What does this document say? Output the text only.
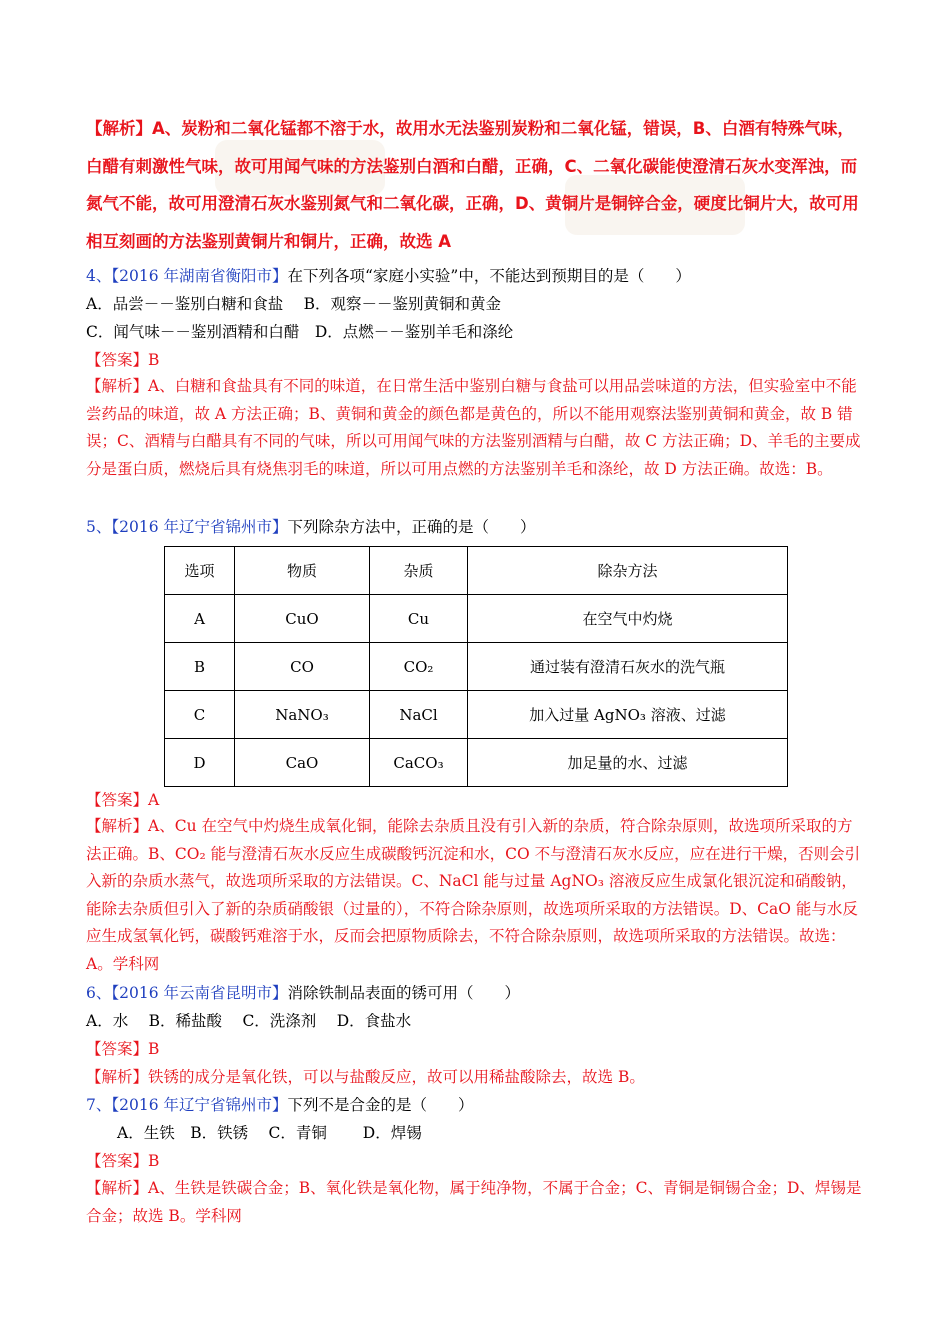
【解析】A、炭粉和二氧化锰都不溶于水，故用水无法鉴别炭粉和二氧化锰，错误，B、白酒有特殊气味，白醋有刺激性气味，故可用闻气味的方法鉴别白酒和白醋，正确，C、二氧化碳能使澄清石灰水变浑浊，而氮气不能，故可用澄清石灰水鉴别氮气和二氧化碳，正确，D、黄铜片是铜锌合金，硬度比铜片大，故可用相互刻画的方法鉴别黄铜片和铜片，正确，故选 A
4、【2016 年湖南省衡阳市】在下列各项“家庭小实验”中，不能达到预期目的是（　　）
A．品尝－－鉴别白糖和食盐　 B．观察－－鉴别黄铜和黄金
C．闻气味－－鉴别酒精和白醋　D．点燃－－鉴别羊毛和涤纶
【答案】B
【解析】A、白糖和食盐具有不同的味道，在日常生活中鉴别白糖与食盐可以用品尝味道的方法，但实验室中不能尝药品的味道，故 A 方法正确；B、黄铜和黄金的颜色都是黄色的，所以不能用观察法鉴别黄铜和黄金，故 B 错误；C、酒精与白醋具有不同的气味，所以可用闻气味的方法鉴别酒精与白醋，故 C 方法正确；D、羊毛的主要成分是蛋白质，燃烧后具有烧焦羽毛的味道，所以可用点燃的方法鉴别羊毛和涤纶，故 D 方法正确。故选：B。
5、【2016 年辽宁省锦州市】下列除杂方法中，正确的是（　　）
选项	物质	杂质	除杂方法
A	CuO	Cu	在空气中灼烧
B	CO	CO₂	通过装有澄清石灰水的洗气瓶
C	NaNO₃	NaCl	加入过量 AgNO₃ 溶液、过滤
D	CaO	CaCO₃	加足量的水、过滤
【答案】A
【解析】A、Cu 在空气中灼烧生成氧化铜，能除去杂质且没有引入新的杂质，符合除杂原则，故选项所采取的方法正确。B、CO₂ 能与澄清石灰水反应生成碳酸钙沉淀和水，CO 不与澄清石灰水反应，应在进行干燥，否则会引入新的杂质水蒸气，故选项所采取的方法错误。C、NaCl 能与过量 AgNO₃ 溶液反应生成氯化银沉淀和硝酸钠，能除去杂质但引入了新的杂质硝酸银（过量的），不符合除杂原则，故选项所采取的方法错误。D、CaO 能与水反应生成氢氧化钙，碳酸钙难溶于水，反而会把原物质除去，不符合除杂原则，故选项所采取的方法错误。故选：A。学科网
6、【2016 年云南省昆明市】消除铁制品表面的锈可用（　　）
A．水　 B．稀盐酸　 C．洗涤剂　 D．食盐水
【答案】B
【解析】铁锈的成分是氧化铁，可以与盐酸反应，故可以用稀盐酸除去，故选 B。
7、【2016 年辽宁省锦州市】下列不是合金的是（　　）
A．生铁　B．铁锈　 C．青铜　　 D．焊锡
【答案】B
【解析】A、生铁是铁碳合金；B、氧化铁是氧化物，属于纯净物，不属于合金；C、青铜是铜锡合金；D、焊锡是合金；故选 B。学科网
